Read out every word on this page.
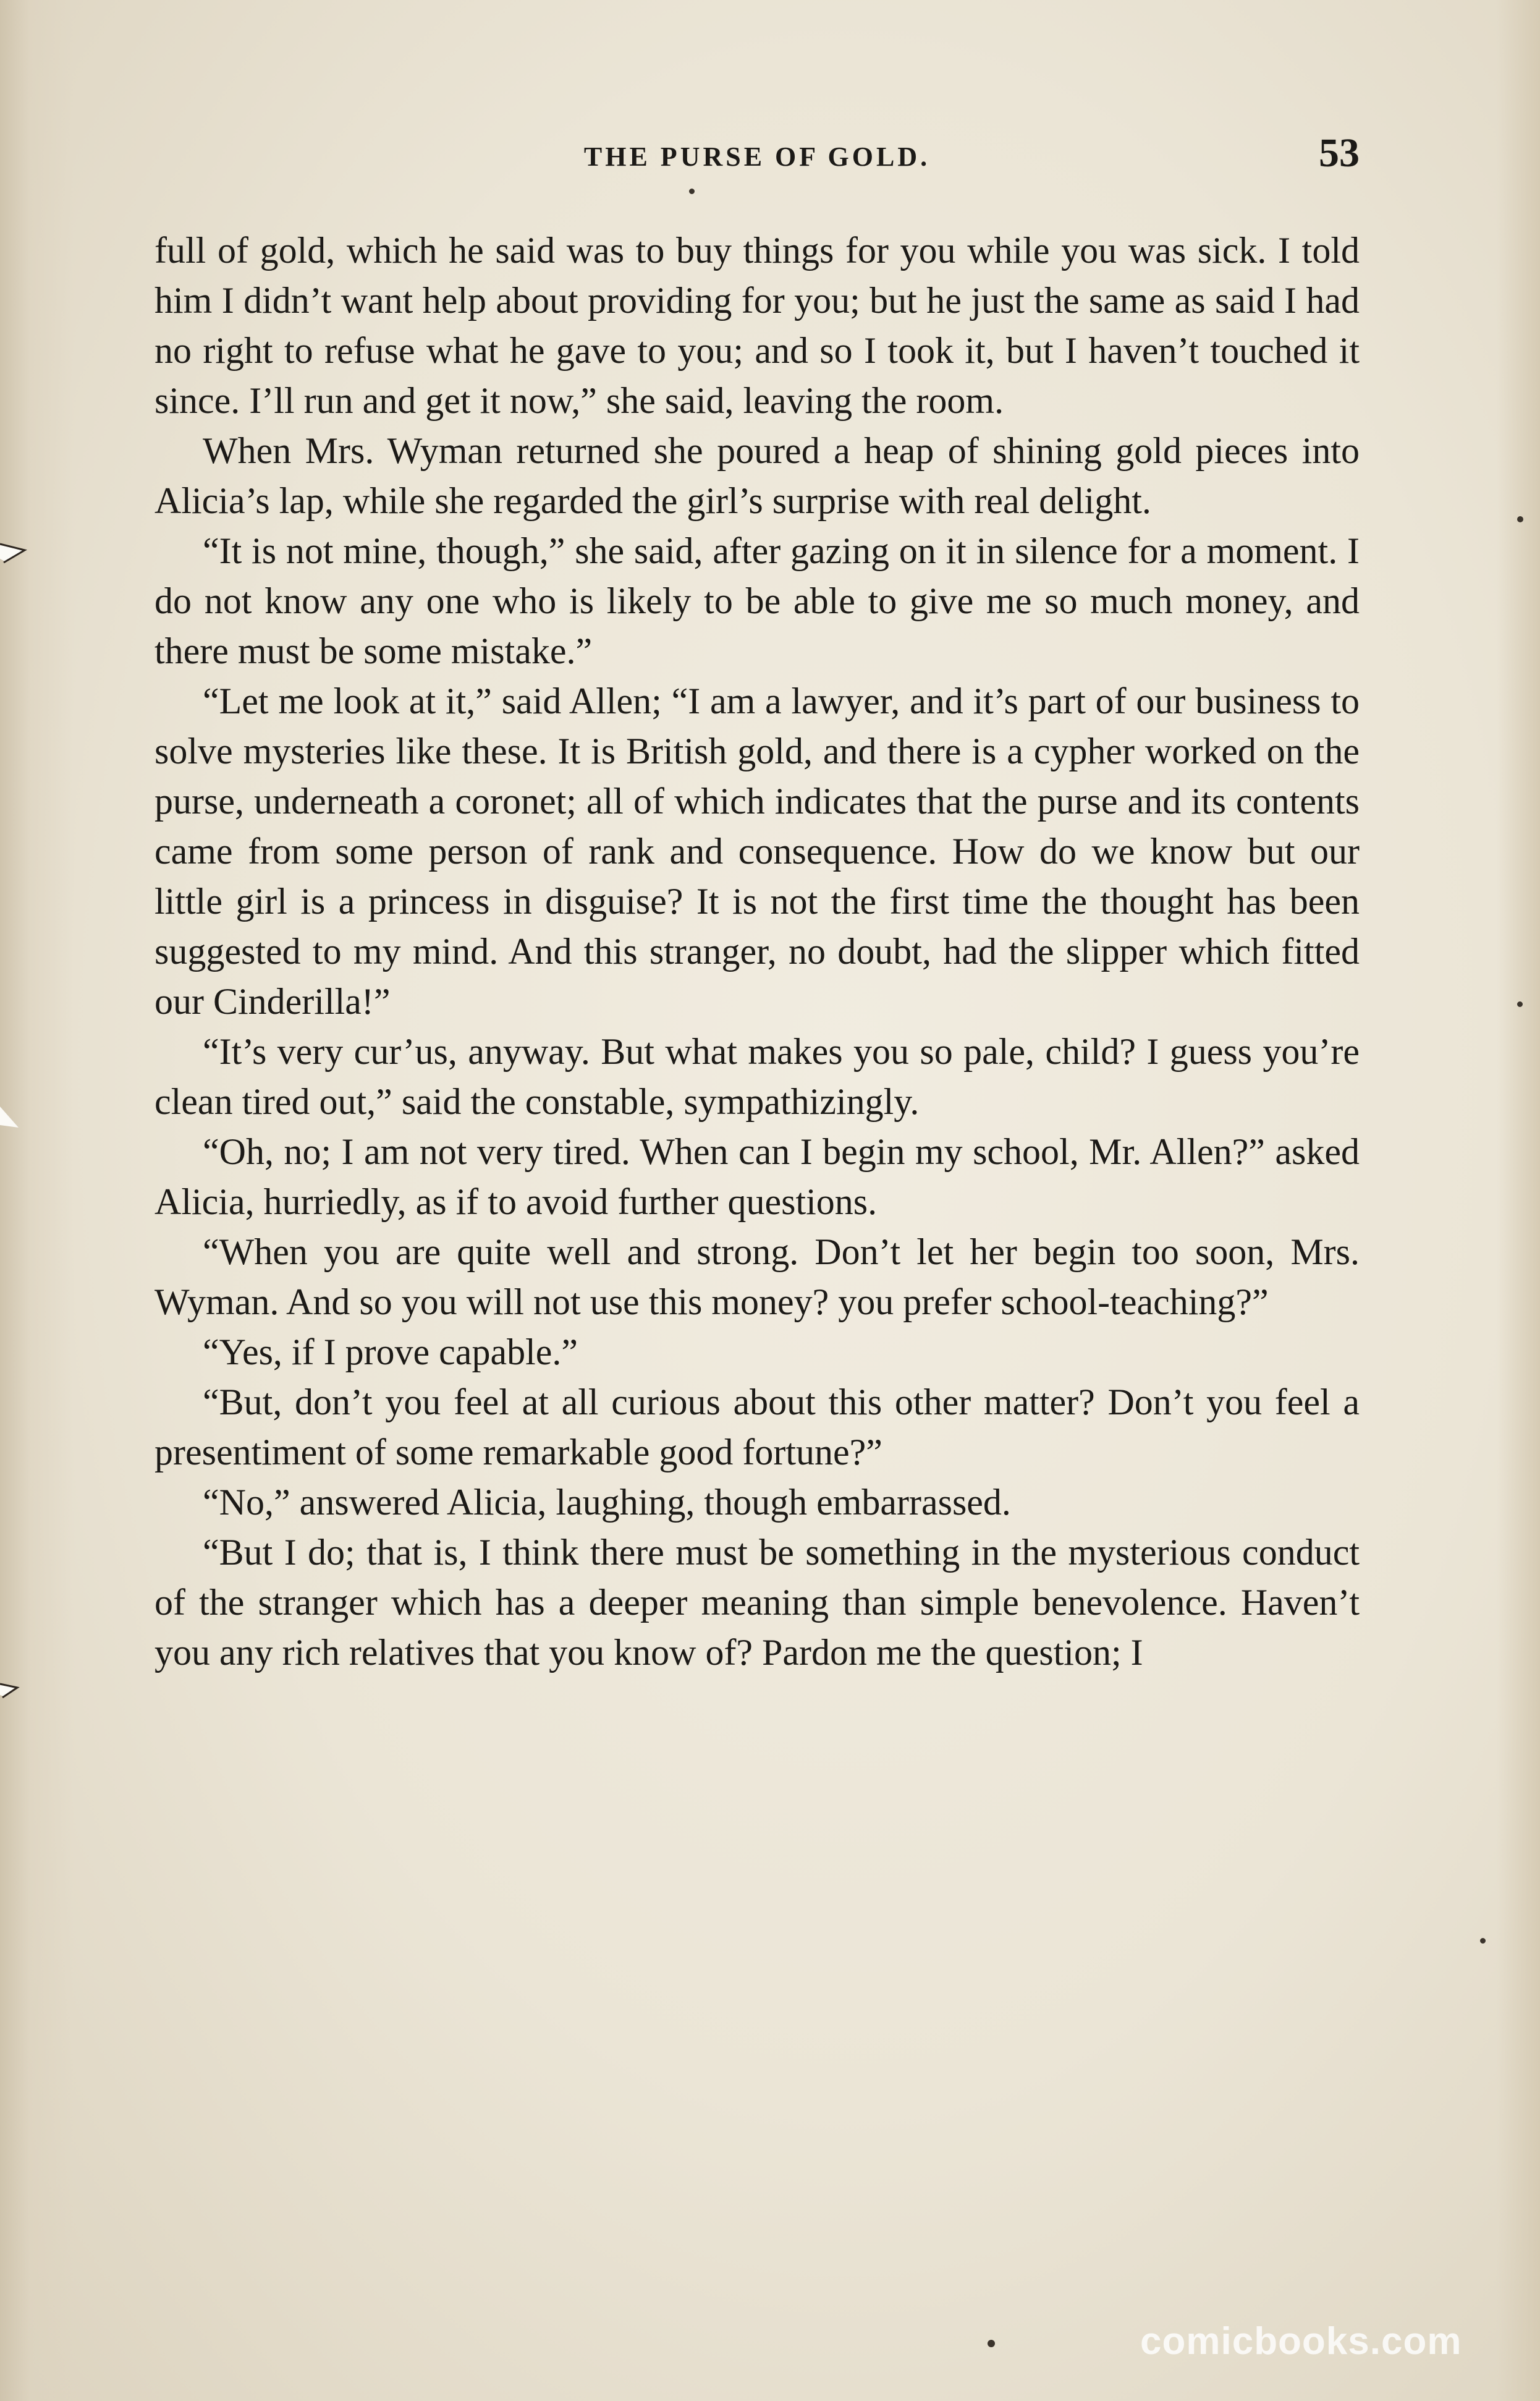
THE PURSE OF GOLD.	53

full of gold, which he said was to buy things for you while you was sick. I told him I didn’t want help about providing for you; but he just the same as said I had no right to refuse what he gave to you; and so I took it, but I haven’t touched it since. I’ll run and get it now,” she said, leaving the room.

When Mrs. Wyman returned she poured a heap of shining gold pieces into Alicia’s lap, while she regarded the girl’s surprise with real delight.

“It is not mine, though,” she said, after gazing on it in silence for a moment. I do not know any one who is likely to be able to give me so much money, and there must be some mistake.”

“Let me look at it,” said Allen; “I am a lawyer, and it’s part of our business to solve mysteries like these. It is British gold, and there is a cypher worked on the purse, underneath a coronet; all of which indicates that the purse and its contents came from some person of rank and consequence. How do we know but our little girl is a princess in disguise? It is not the first time the thought has been suggested to my mind. And this stranger, no doubt, had the slipper which fitted our Cinderilla!”

“It’s very cur’us, anyway. But what makes you so pale, child? I guess you’re clean tired out,” said the constable, sympathizingly.

“Oh, no; I am not very tired. When can I begin my school, Mr. Allen?” asked Alicia, hurriedly, as if to avoid further questions.

“When you are quite well and strong. Don’t let her begin too soon, Mrs. Wyman. And so you will not use this money? you prefer school-teaching?”

“Yes, if I prove capable.”

“But, don’t you feel at all curious about this other matter? Don’t you feel a presentiment of some remarkable good fortune?”

“No,” answered Alicia, laughing, though embarrassed.

“But I do; that is, I think there must be something in the mysterious conduct of the stranger which has a deeper meaning than simple benevolence. Haven’t you any rich relatives that you know of? Pardon me the question; I

comicbooks.com
